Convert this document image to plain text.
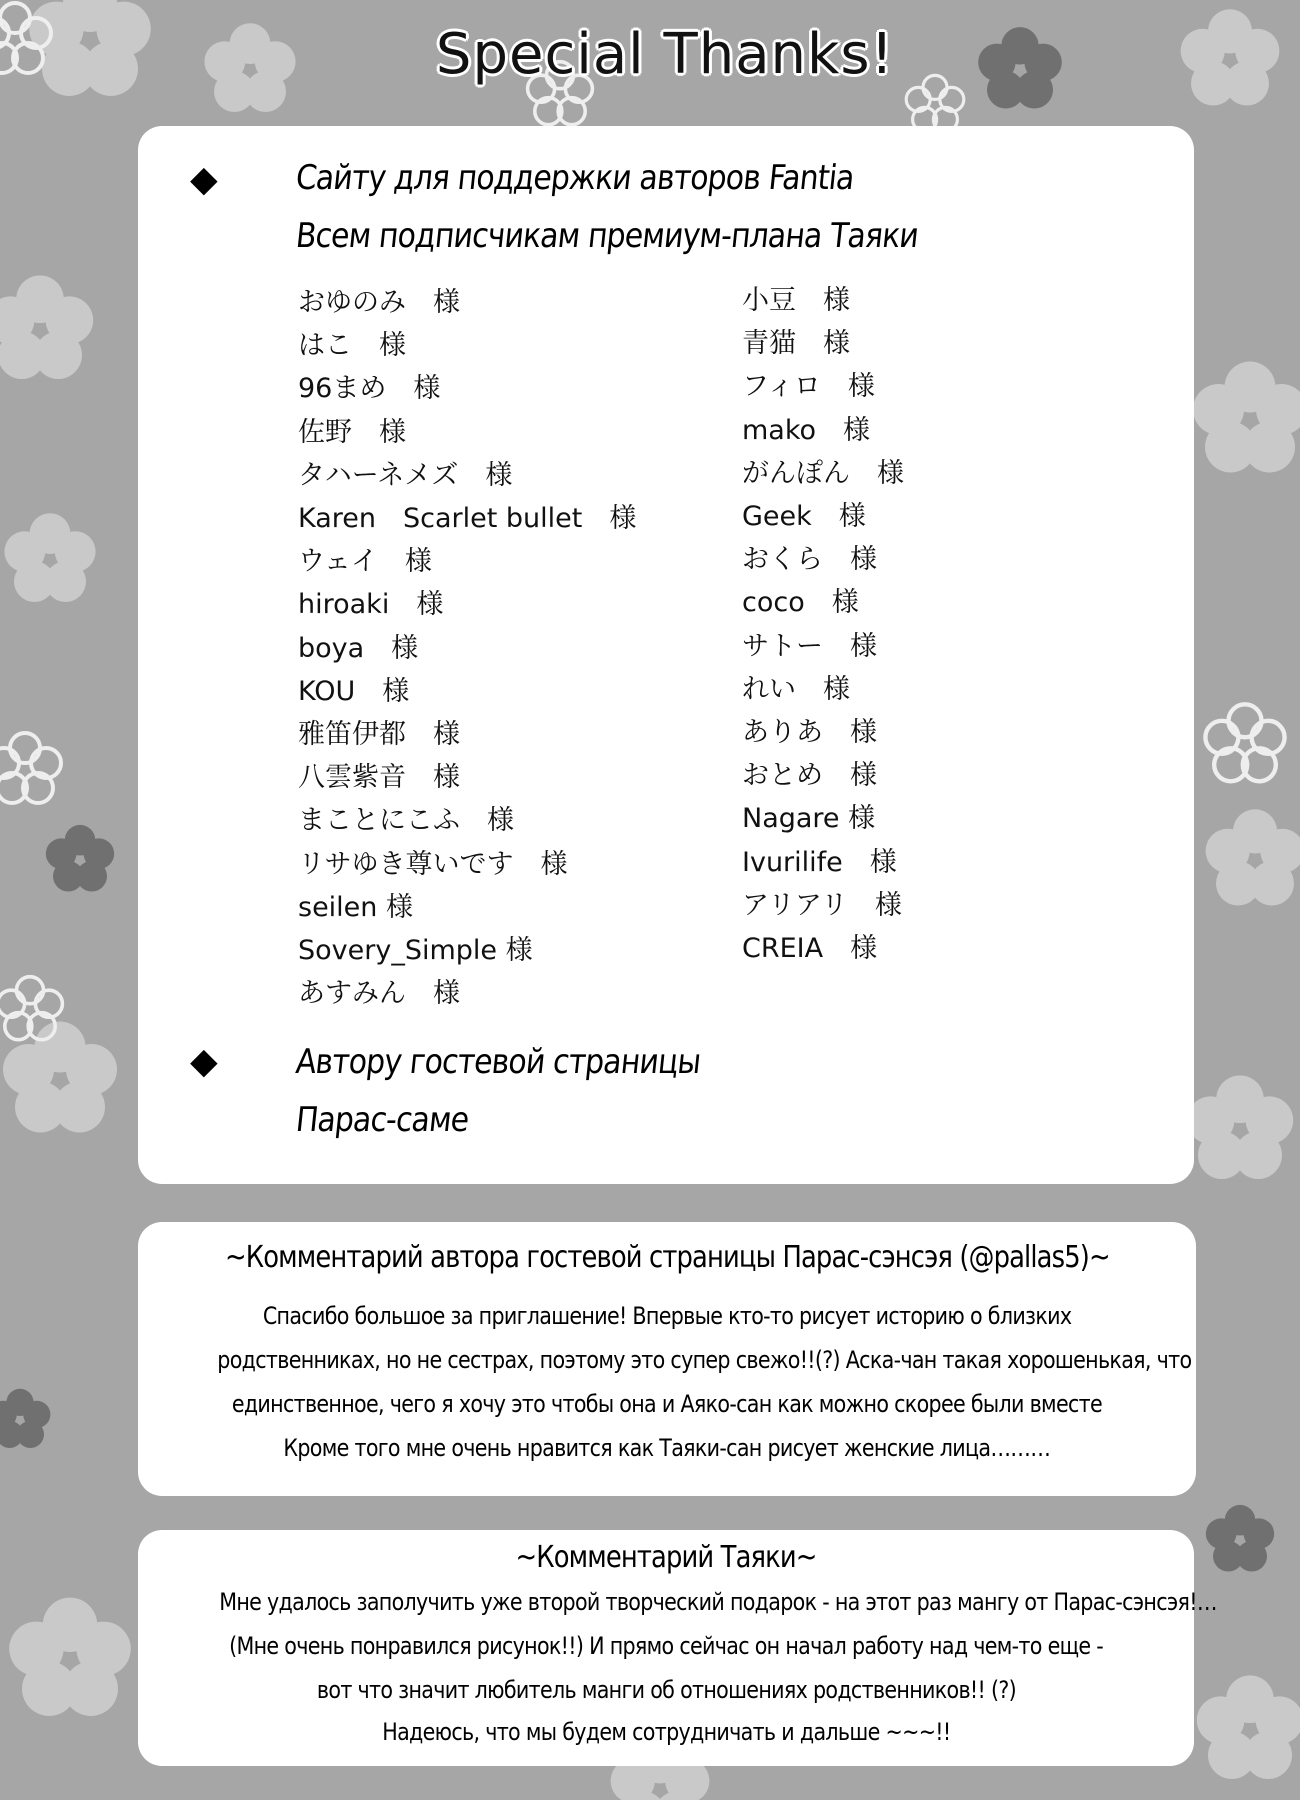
Special Thanks!
◆ Сайту для поддержки авторов Fantia
Всем подписчикам премиум-плана Таяки
おゆのみ　様
はこ　様
96まめ　様
佐野　様
タハーネメズ　様
Karen　Scarlet bullet　様
ウェイ　様
hiroaki　様
boya　様
KOU　様
雅笛伊都　様
八雲紫音　様
まことにこふ　様
リサゆき尊いです　様
seilen 様
Sovery_Simple 様
あすみん　様
小豆　様
青猫　様
フィロ　様
mako　様
がんぽん　様
Geek　様
おくら　様
coco　様
サトー　様
れい　様
ありあ　様
おとめ　様
Nagare 様
Ivurilife　様
アリアリ　様
CREIA　様
◆ Автору гостевой страницы
Парас-саме
~Комментарий автора гостевой страницы Парас-сэнсэя (@pallas5)~
Спасибо большое за приглашение! Впервые кто-то рисует историю о близких
родственниках, но не сестрах, поэтому это супер свежо!!(?) Аска-чан такая хорошенькая, что
единственное, чего я хочу это чтобы она и Аяко-сан как можно скорее были вместе
Кроме того мне очень нравится как Таяки-сан рисует женские лица………
~Комментарий Таяки~
Мне удалось заполучить уже второй творческий подарок - на этот раз мангу от Парас-сэнсэя!…
(Мне очень понравился рисунок!!) И прямо сейчас он начал работу над чем-то еще -
вот что значит любитель манги об отношениях родственников!! (?)
Надеюсь, что мы будем сотрудничать и дальше ~~~!!
